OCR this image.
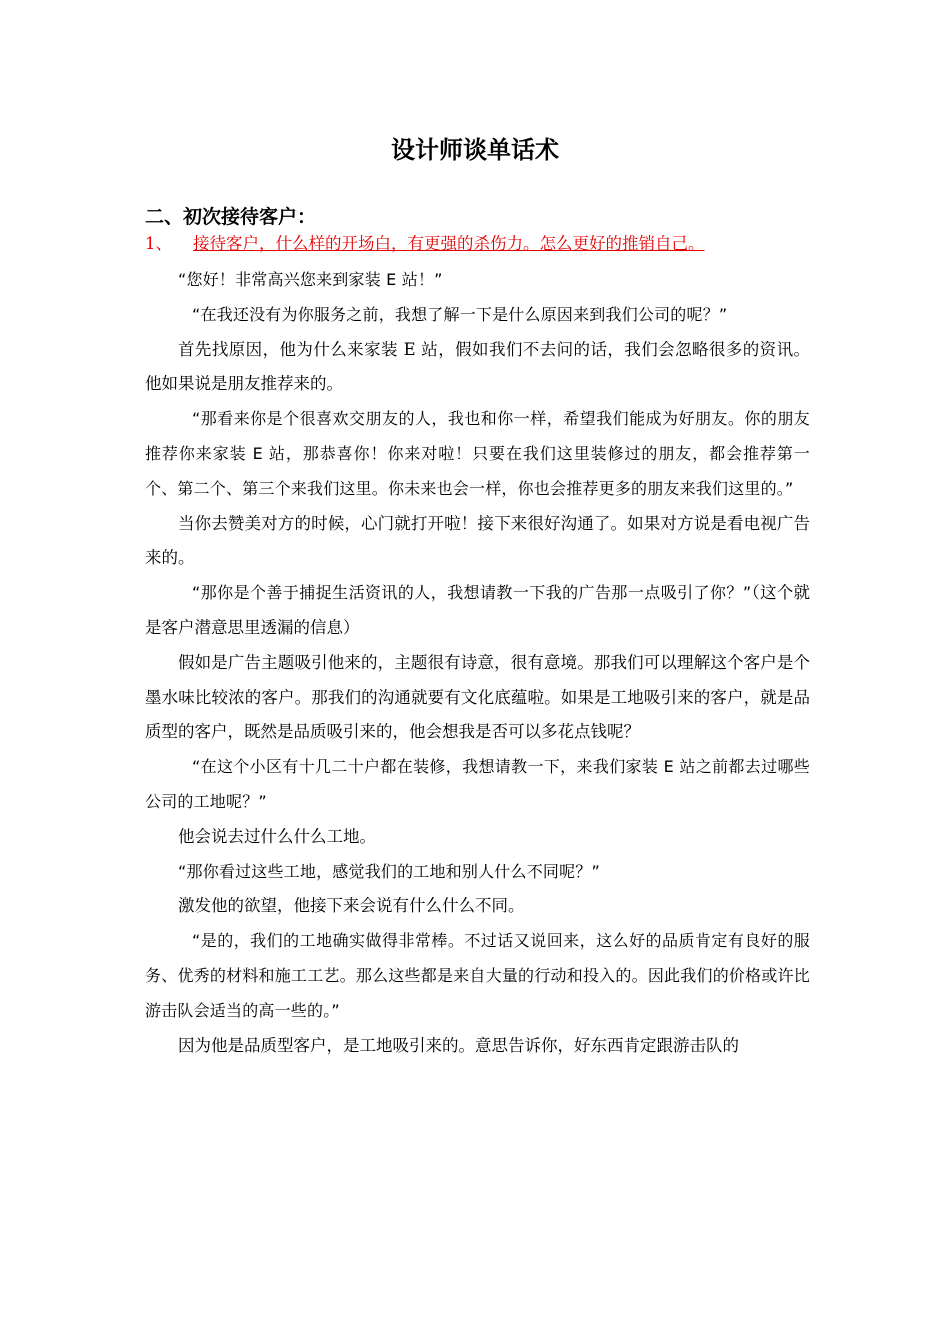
设计师谈单话术

二、初次接待客户：

1、 接待客户，什么样的开场白，有更强的杀伤力。怎么更好的推销自己。

“您好！非常高兴您来到家装 E 站！”

“在我还没有为你服务之前，我想了解一下是什么原因来到我们公司的呢？”

首先找原因，他为什么来家装 E 站，假如我们不去问的话，我们会忽略很多的资讯。他如果说是朋友推荐来的。

“那看来你是个很喜欢交朋友的人，我也和你一样，希望我们能成为好朋友。你的朋友推荐你来家装 E 站，那恭喜你！你来对啦！只要在我们这里装修过的朋友，都会推荐第一个、第二个、第三个来我们这里。你未来也会一样，你也会推荐更多的朋友来我们这里的。”

当你去赞美对方的时候，心门就打开啦！接下来很好沟通了。如果对方说是看电视广告来的。

“那你是个善于捕捉生活资讯的人，我想请教一下我的广告那一点吸引了你？”（这个就是客户潜意思里透漏的信息）

假如是广告主题吸引他来的，主题很有诗意，很有意境。那我们可以理解这个客户是个墨水味比较浓的客户。那我们的沟通就要有文化底蕴啦。如果是工地吸引来的客户，就是品质型的客户，既然是品质吸引来的，他会想我是否可以多花点钱呢？

“在这个小区有十几二十户都在装修，我想请教一下，来我们家装 E 站之前都去过哪些公司的工地呢？”

他会说去过什么什么工地。

“那你看过这些工地，感觉我们的工地和别人什么不同呢？”

激发他的欲望，他接下来会说有什么什么不同。

“是的，我们的工地确实做得非常棒。不过话又说回来，这么好的品质肯定有良好的服务、优秀的材料和施工工艺。那么这些都是来自大量的行动和投入的。因此我们的价格或许比游击队会适当的高一些的。”

因为他是品质型客户，是工地吸引来的。意思告诉你，好东西肯定跟游击队的
